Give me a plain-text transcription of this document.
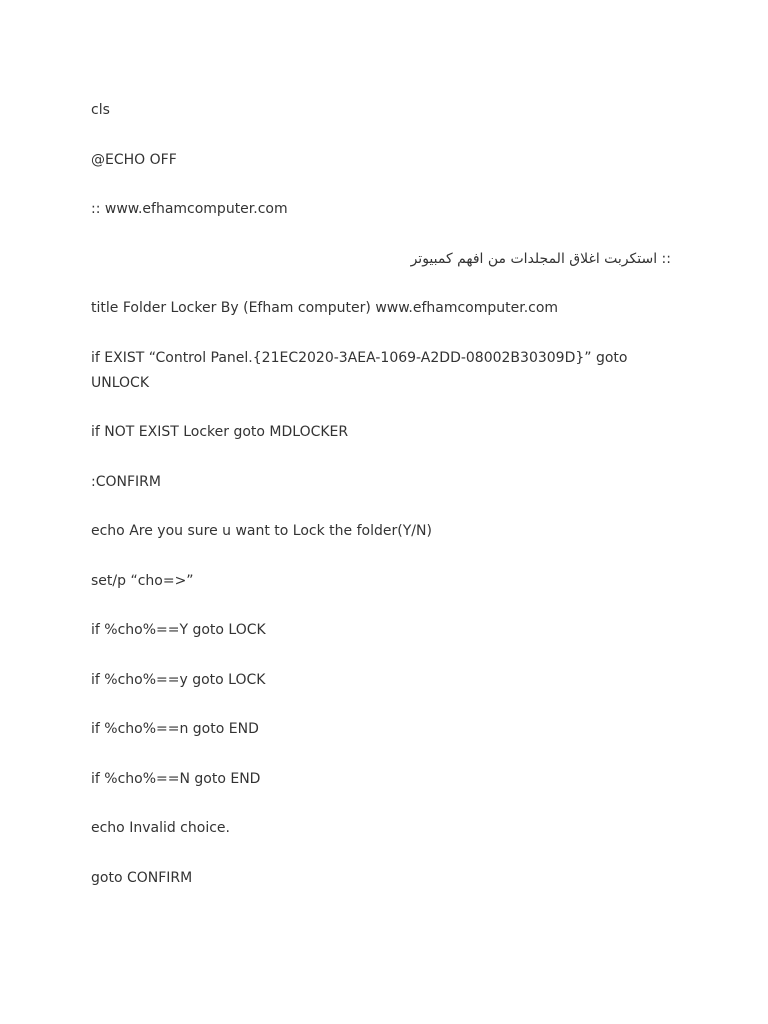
cls

@ECHO OFF

:: www.efhamcomputer.com

:: استكربت اغلاق المجلدات من افهم كمبيوتر

title Folder Locker By (Efham computer) www.efhamcomputer.com

if EXIST “Control Panel.{21EC2020-3AEA-1069-A2DD-08002B30309D}” goto UNLOCK

if NOT EXIST Locker goto MDLOCKER

:CONFIRM

echo Are you sure u want to Lock the folder(Y/N)

set/p “cho=>”

if %cho%==Y goto LOCK

if %cho%==y goto LOCK

if %cho%==n goto END

if %cho%==N goto END

echo Invalid choice.

goto CONFIRM
